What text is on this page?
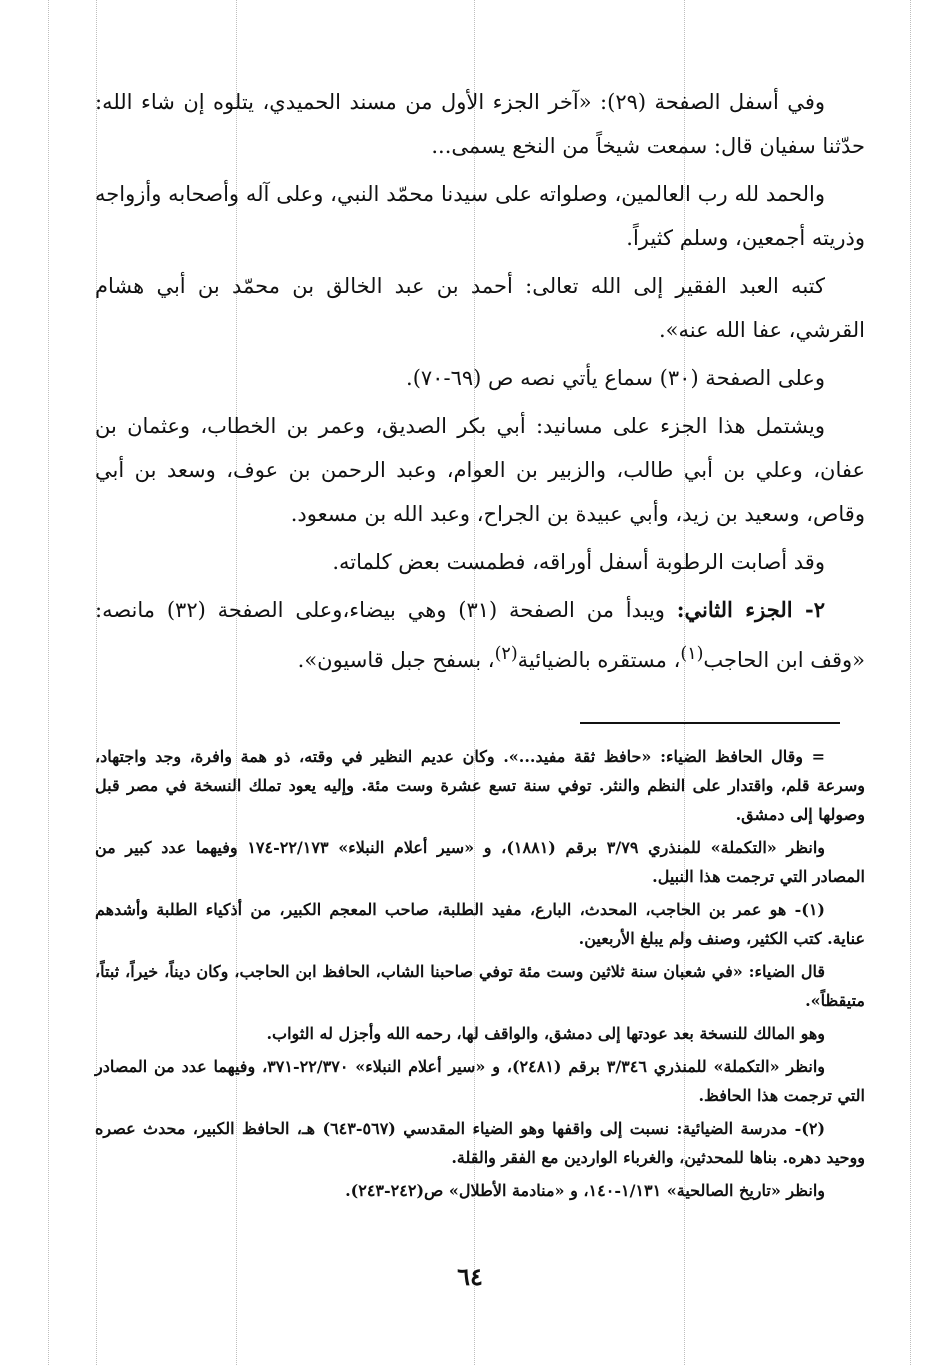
وفي أسفل الصفحة (٢٩): «آخر الجزء الأول من مسند الحميدي، يتلوه إن شاء الله: حدّثنا سفيان قال: سمعت شيخاً من النخع يسمى...

والحمد لله رب العالمين، وصلواته على سيدنا محمّد النبي، وعلى آله وأصحابه وأزواجه وذريته أجمعين، وسلم كثيراً.

كتبه العبد الفقير إلى الله تعالى: أحمد بن عبد الخالق بن محمّد بن أبي هشام القرشي، عفا الله عنه».

وعلى الصفحة (٣٠) سماع يأتي نصه ص (٦٩-٧٠).

ويشتمل هذا الجزء على مسانيد: أبي بكر الصديق، وعمر بن الخطاب، وعثمان بن عفان، وعلي بن أبي طالب، والزبير بن العوام، وعبد الرحمن بن عوف، وسعد بن أبي وقاص، وسعيد بن زيد، وأبي عبيدة بن الجراح، وعبد الله بن مسعود.

وقد أصابت الرطوبة أسفل أوراقه، فطمست بعض كلماته.

٢- الجزء الثاني: ويبدأ من الصفحة (٣١) وهي بيضاء،وعلى الصفحة (٣٢) مانصه: «وقف ابن الحاجب$^{(١)}$، مستقره بالضيائية$^{(٢)}$، بسفح جبل قاسيون».

= وقال الحافظ الضياء: «حافظ ثقة مفيد...». وكان عديم النظير في وقته، ذو همة وافرة، وجد واجتهاد، وسرعة قلم، واقتدار على النظم والنثر. توفي سنة تسع عشرة وست مئة. وإليه يعود تملك النسخة في مصر قبل وصولها إلى دمشق.

وانظر «التكملة» للمنذري ٣/٧٩ برقم (١٨٨١)، و «سير أعلام النبلاء» ٢٢/١٧٣-١٧٤ وفيهما عدد كبير من المصادر التي ترجمت هذا النبيل.

(١)- هو عمر بن الحاجب، المحدث، البارع، مفيد الطلبة، صاحب المعجم الكبير، من أذكياء الطلبة وأشدهم عناية. كتب الكثير، وصنف ولم يبلغ الأربعين.

قال الضياء: «في شعبان سنة ثلاثين وست مئة توفي صاحبنا الشاب، الحافظ ابن الحاجب، وكان ديناً، خيراً، ثبتاً، متيقظاً».

وهو المالك للنسخة بعد عودتها إلى دمشق، والواقف لها، رحمه الله وأجزل له الثواب.

وانظر «التكملة» للمنذري ٣/٣٤٦ برقم (٢٤٨١)، و «سير أعلام النبلاء» ٢٢/٣٧٠-٣٧١، وفيهما عدد من المصادر التي ترجمت هذا الحافظ.

(٢)- مدرسة الضيائية: نسبت إلى واقفها وهو الضياء المقدسي (٥٦٧-٦٤٣) هـ، الحافظ الكبير، محدث عصره ووحيد دهره. بناها للمحدثين، والغرباء الواردين مع الفقر والقلة.

وانظر «تاريخ الصالحية» ١/١٣١-١٤٠، و «منادمة الأطلال» ص(٢٤٢-٢٤٣).

٦٤
